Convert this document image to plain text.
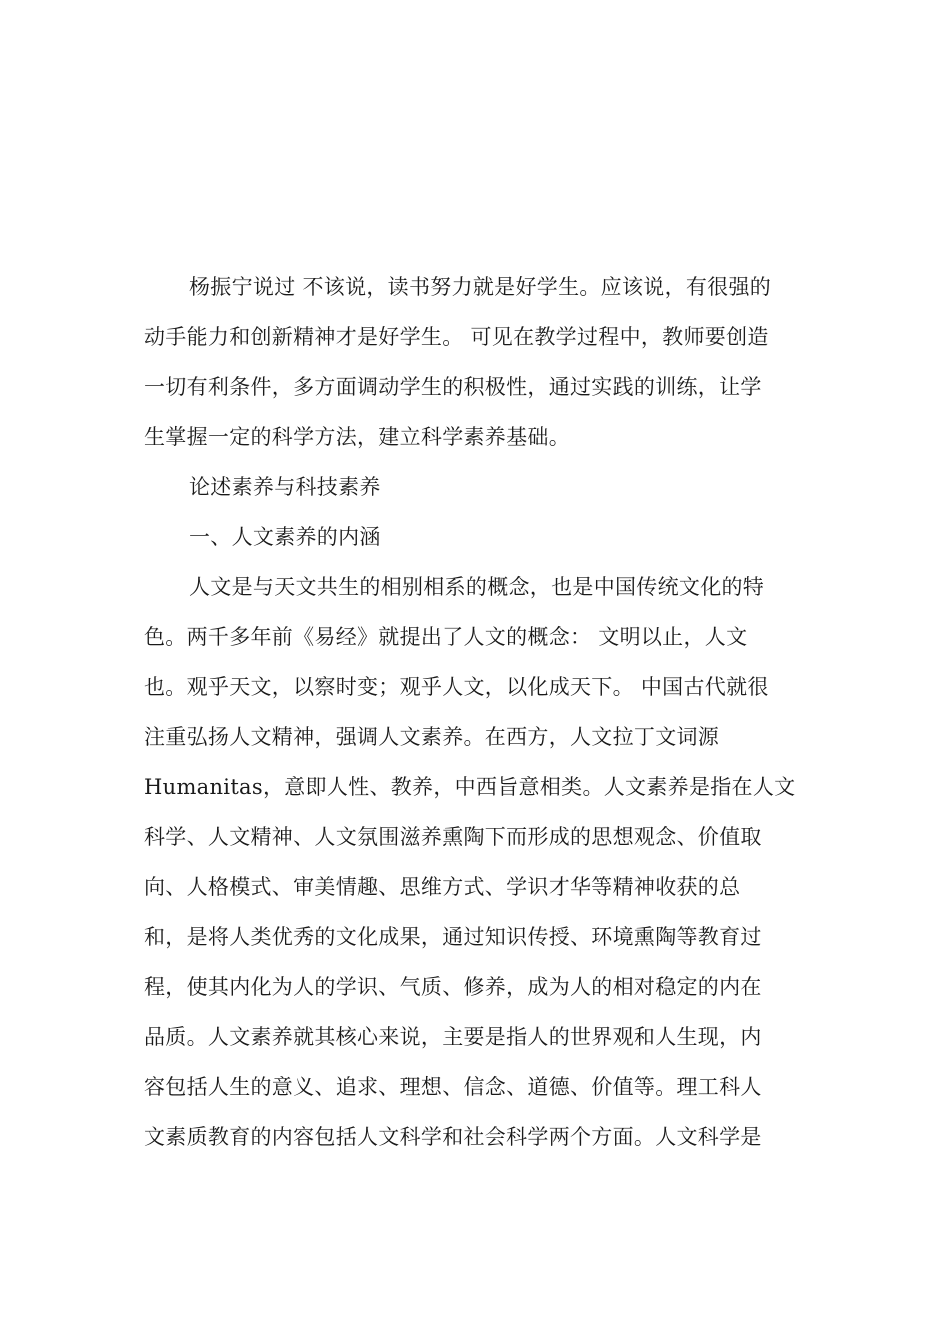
杨振宁说过 不该说，读书努力就是好学生。应该说，有很强的
动手能力和创新精神才是好学生。 可见在教学过程中，教师要创造
一切有利条件，多方面调动学生的积极性，通过实践的训练，让学
生掌握一定的科学方法，建立科学素养基础。
论述素养与科技素养
一、人文素养的内涵
人文是与天文共生的相别相系的概念，也是中国传统文化的特
色。两千多年前《易经》就提出了人文的概念： 文明以止，人文
也。观乎天文，以察时变；观乎人文，以化成天下。 中国古代就很
注重弘扬人文精神，强调人文素养。在西方，人文拉丁文词源
Humanitas，意即人性、教养，中西旨意相类。人文素养是指在人文
科学、人文精神、人文氛围滋养熏陶下而形成的思想观念、价值取
向、人格模式、审美情趣、思维方式、学识才华等精神收获的总
和，是将人类优秀的文化成果，通过知识传授、环境熏陶等教育过
程，使其内化为人的学识、气质、修养，成为人的相对稳定的内在
品质。人文素养就其核心来说，主要是指人的世界观和人生现，内
容包括人生的意义、追求、理想、信念、道德、价值等。理工科人
文素质教育的内容包括人文科学和社会科学两个方面。人文科学是
